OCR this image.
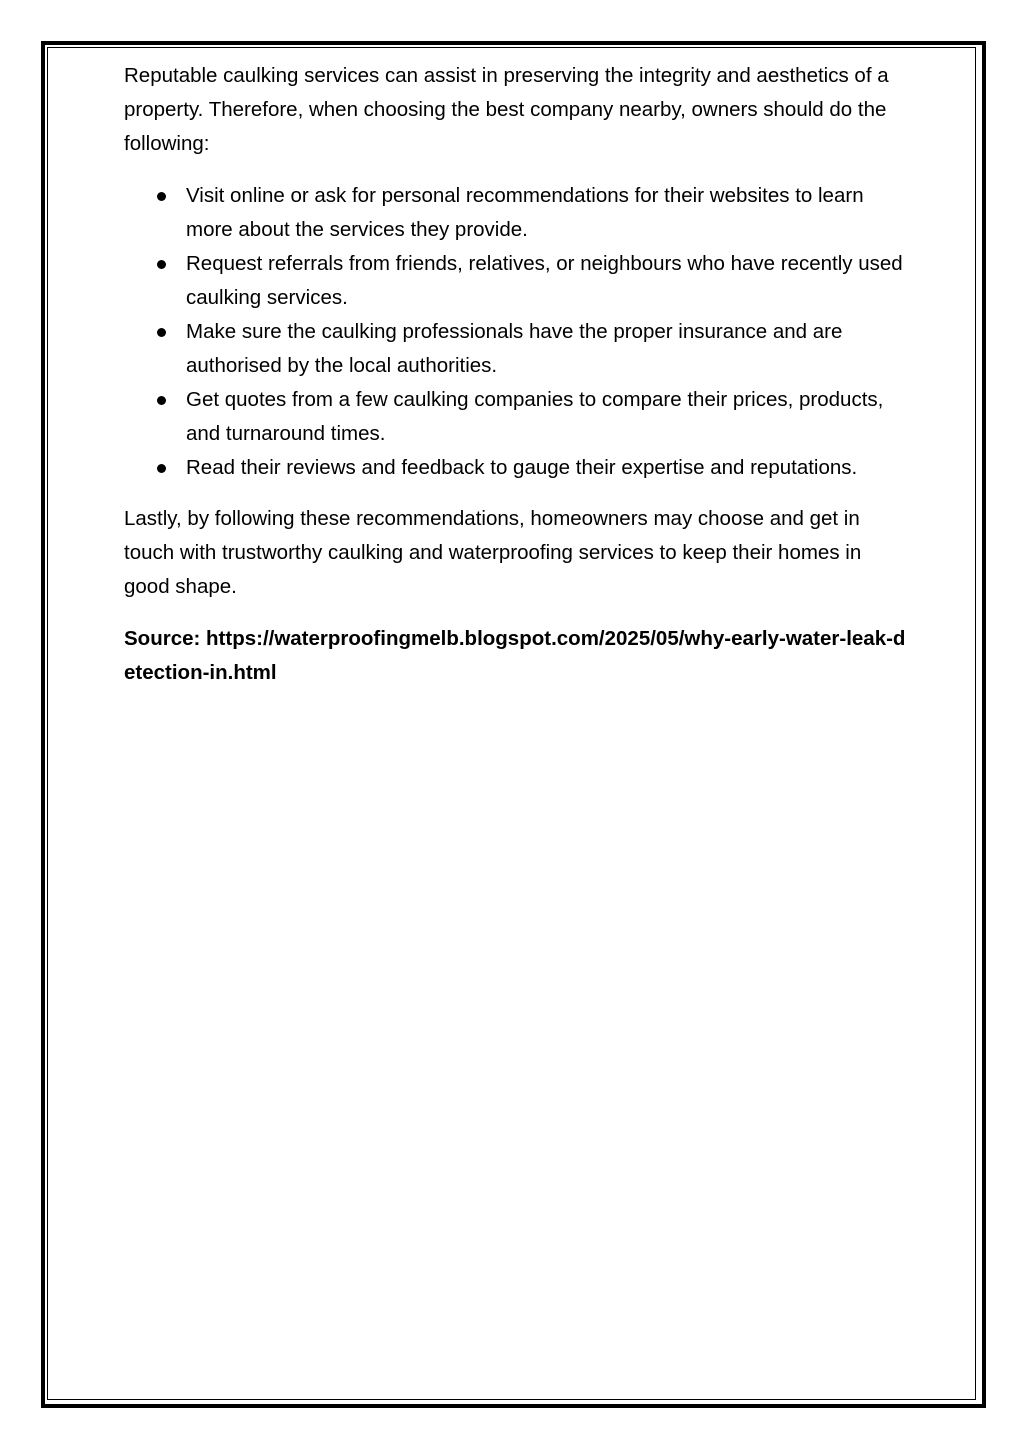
Reputable caulking services can assist in preserving the integrity and aesthetics of a property. Therefore, when choosing the best company nearby, owners should do the following:

Visit online or ask for personal recommendations for their websites to learn more about the services they provide.
Request referrals from friends, relatives, or neighbours who have recently used caulking services.
Make sure the caulking professionals have the proper insurance and are authorised by the local authorities.
Get quotes from a few caulking companies to compare their prices, products, and turnaround times.
Read their reviews and feedback to gauge their expertise and reputations.

Lastly, by following these recommendations, homeowners may choose and get in touch with trustworthy caulking and waterproofing services to keep their homes in good shape.

Source: https://waterproofingmelb.blogspot.com/2025/05/why-early-water-leak-detection-in.html
